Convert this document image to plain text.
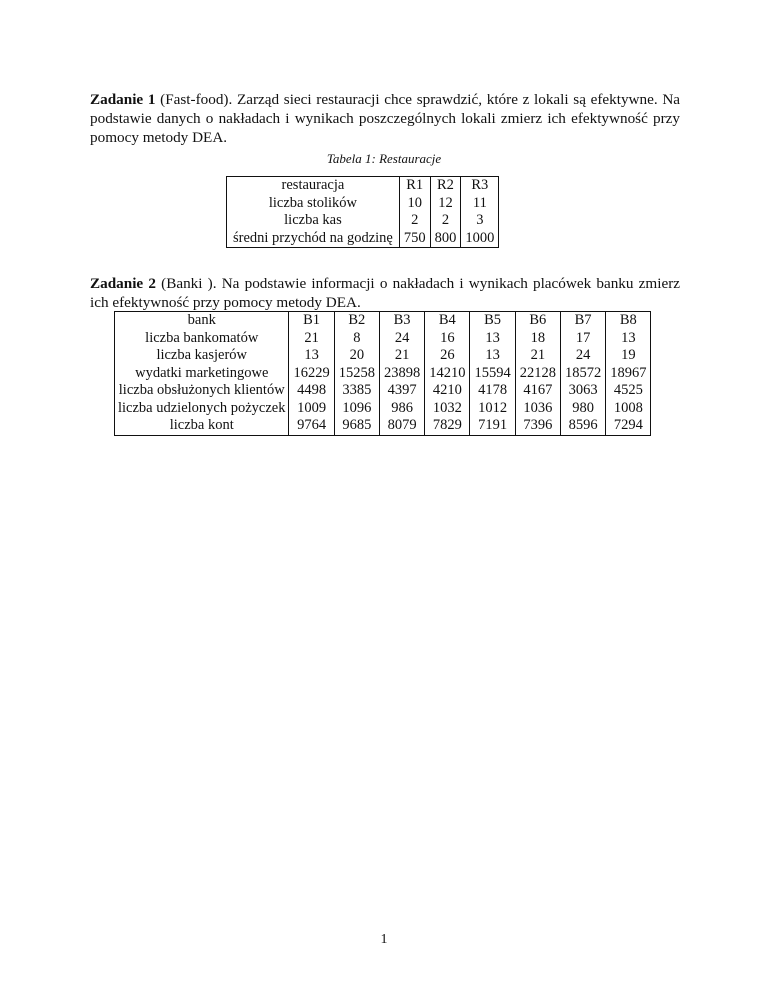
Zadanie 1 (Fast-food). Zarząd sieci restauracji chce sprawdzić, które z lokali są efektywne. Na podstawie danych o nakładach i wynikach poszczególnych lokali zmierz ich efektywność przy pomocy metody DEA.
Tabela 1: Restauracje
restauracja	R1	R2	R3
liczba stolików	10	12	11
liczba kas	2	2	3
średni przychód na godzinę	750	800	1000
Zadanie 2 (Banki ). Na podstawie informacji o nakładach i wynikach placówek banku zmierz ich efektywność przy pomocy metody DEA.
bank	B1	B2	B3	B4	B5	B6	B7	B8
liczba bankomatów	21	8	24	16	13	18	17	13
liczba kasjerów	13	20	21	26	13	21	24	19
wydatki marketingowe	16229	15258	23898	14210	15594	22128	18572	18967
liczba obsłużonych klientów	4498	3385	4397	4210	4178	4167	3063	4525
liczba udzielonych pożyczek	1009	1096	986	1032	1012	1036	980	1008
liczba kont	9764	9685	8079	7829	7191	7396	8596	7294
1
